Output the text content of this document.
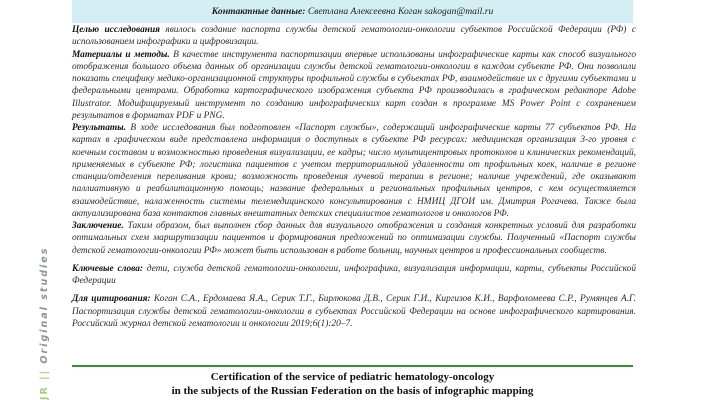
Контактные данные: Светлана Алексеевна Коган sakogan@mail.ru

Целью исследования явилось создание паспорта службы детской гематологии-онкологии субъектов Российской Федерации (РФ) с использованием инфографики и цифровизации.

Материалы и методы. В качестве инструмента паспортизации впервые использованы инфографические карты как способ визуального отображения большого объема данных об организации службы детской гематологии-онкологии в каждом субъекте РФ. Они позволили показать специфику медико-организационной структуры профильной службы в субъектах РФ, взаимодействие их с другими субъектами и федеральными центрами. Обработка картографического изображения субъекта РФ производилась в графическом редакторе Adobe Illustrator. Модифицируемый инструмент по созданию инфографических карт создан в программе MS Power Point с сохранением результатов в форматах PDF и PNG.

Результаты. В ходе исследования был подготовлен «Паспорт службы», содержащий инфографические карты 77 субъектов РФ. На картах в графическом виде представлена информация о доступных в субъекте РФ ресурсах: медицинская организация 3-го уровня с коечным составом и возможностью проведения визуализации, ее кадры; число мультицентровых протоколов и клинических рекомендаций, применяемых в субъекте РФ; логистика пациентов с учетом территориальной удаленности от профильных коек, наличие в регионе станции/отделения переливания крови; возможность проведения лучевой терапии в регионе; наличие учреждений, где оказывают паллиативную и реабилитационную помощь; название федеральных и региональных профильных центров, с кем осуществляется взаимодействие, налаженность системы телемедицинского консультирования с НМИЦ ДГОИ им. Дмитрия Рогачева. Также была актуализирована база контактов главных внештатных детских специалистов гематологов и онкологов РФ.

Заключение. Таким образом, был выполнен сбор данных для визуального отображения и создания конкретных условий для разработки оптимальных схем маршрутизации пациентов и формирования предложений по оптимизации службы. Полученный «Паспорт службы детской гематологии-онкологии РФ» может быть использован в работе больниц, научных центров и профессиональных сообществ.

Ключевые слова: дети, служба детской гематологии-онкологии, инфографика, визуализация информации, карты, субъекты Российской Федерации

Для цитирования: Коган С.А., Ердомаева Я.А., Серик Т.Г., Бирлюкова Д.В., Серик Г.И., Киргизов К.И., Варфоломеева С.Р., Румянцев А.Г. Паспортизация службы детской гематологии-онкологии в субъектах Российской Федерации на основе инфографического картирования. Российский журнал детской гематологии и онкологии 2019;6(1):20–7.

Certification of the service of pediatric hematology-oncology
in the subjects of the Russian Federation on the basis of infographic mapping
JR || Original studies
